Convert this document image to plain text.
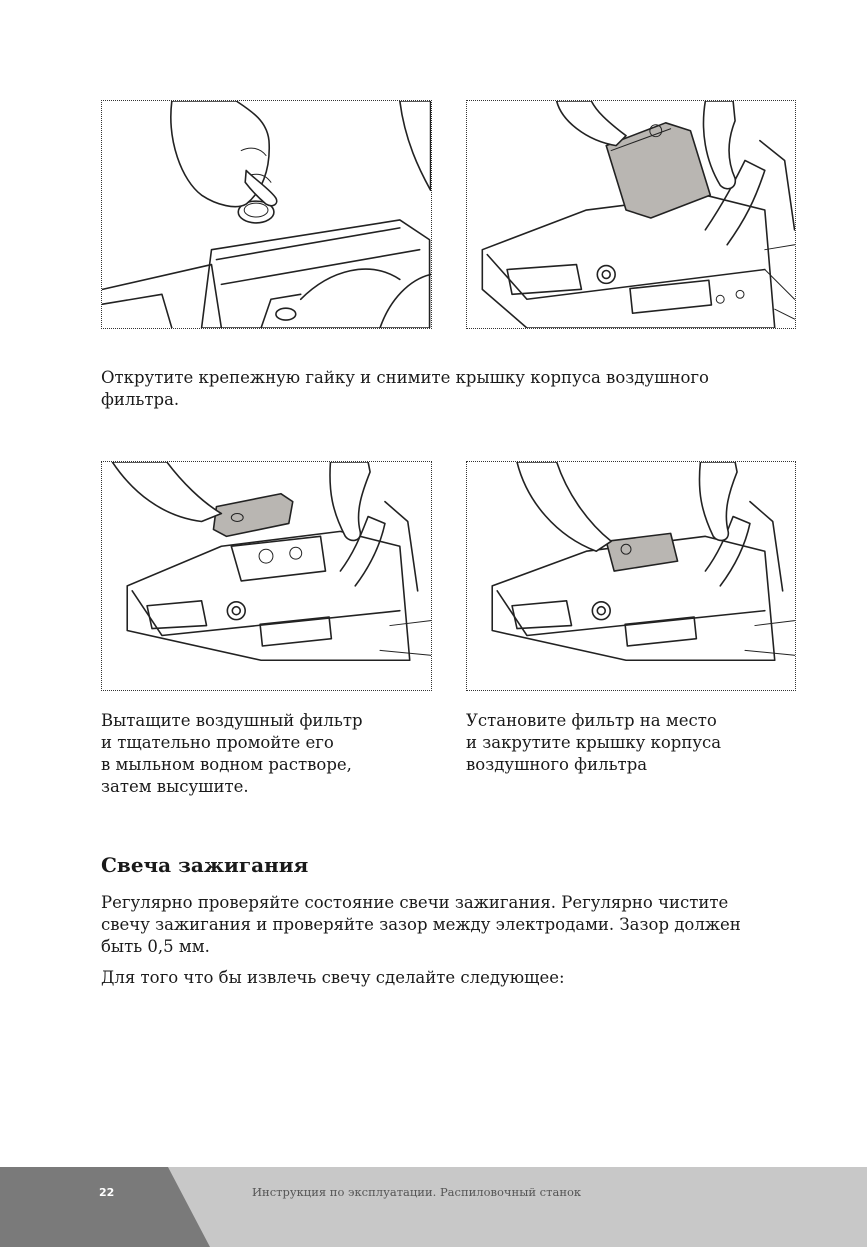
Открутите крепежную гайку и снимите крышку корпуса воздушного
фильтра.

Вытащите воздушный фильтр
и тщательно промойте его
в мыльном водном растворе,
затем высушите.

Установите фильтр на место
и закрутите крышку корпуса
воздушного фильтра

Свеча зажигания

Регулярно проверяйте состояние свечи зажигания. Регулярно чистите
свечу зажигания и проверяйте зазор между электродами. Зазор должен
быть 0,5 мм.

Для того что бы извлечь свечу сделайте следующее:

22	Инструкция по эксплуатации. Распиловочный станок
